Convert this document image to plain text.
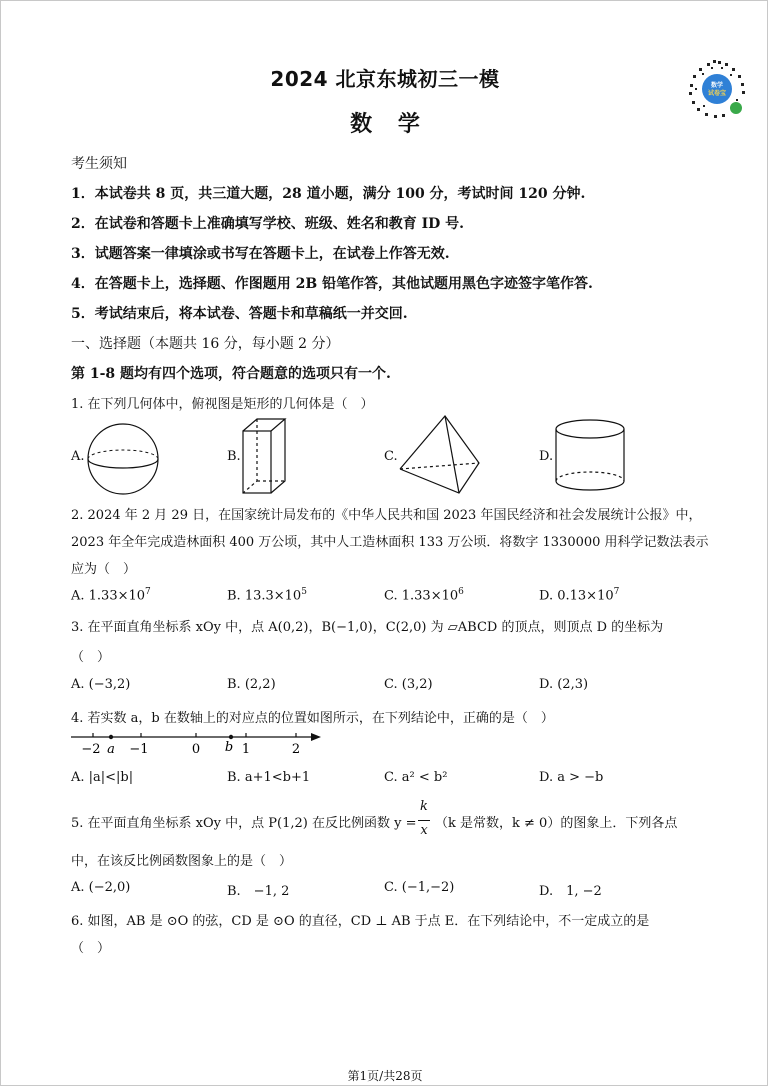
2024 北京东城初三一模
数 学
数学
试卷宝
考生须知
1．本试卷共 8 页，共三道大题，28 道小题，满分 100 分，考试时间 120 分钟.
2．在试卷和答题卡上准确填写学校、班级、姓名和教育 ID 号.
3．试题答案一律填涂或书写在答题卡上，在试卷上作答无效.
4．在答题卡上，选择题、作图题用 2B 铅笔作答，其他试题用黑色字迹签字笔作答.
5．考试结束后，将本试卷、答题卡和草稿纸一并交回.
一、选择题（本题共 16 分，每小题 2 分）
第 1-8 题均有四个选项，符合题意的选项只有一个.
1. 在下列几何体中，俯视图是矩形的几何体是（　）
A.	B.	C.	D.
2. 2024 年 2 月 29 日，在国家统计局发布的《中华人民共和国 2023 年国民经济和社会发展统计公报》中，
2023 年全年完成造林面积 400 万公顷，其中人工造林面积 133 万公顷．将数字 1330000 用科学记数法表示
应为（　）
A. $1.33\times 10^7$	B. $13.3\times 10^5$	C. $1.33\times 10^6$	D. $0.13\times 10^7$
3. 在平面直角坐标系 xOy 中，点 A(0,2)，B(−1,0)，C(2,0) 为 ▱ABCD 的顶点，则顶点 D 的坐标为
（　）
A. (−3,2)	B. (2,2)	C. (3,2)	D. (2,3)
4. 若实数 a，b 在数轴上的对应点的位置如图所示，在下列结论中，正确的是（　）
−2 a −1	0 b 1	2
A. |a|<|b|	B. a+1<b+1	C. a² < b²	D. a > −b
5. 在平面直角坐标系 xOy 中，点 P(1,2) 在反比例函数 y =
k
x （k 是常数，k ≠ 0）的图象上．下列各点
中，在该反比例函数图象上的是（　）
A. (−2,0)	B.　−1, 2	C. (−1,−2)	D.　1, −2
6. 如图，AB 是 ⊙O 的弦，CD 是 ⊙O 的直径，CD ⊥ AB 于点 E．在下列结论中，不一定成立的是
（　）
第1页/共28页
